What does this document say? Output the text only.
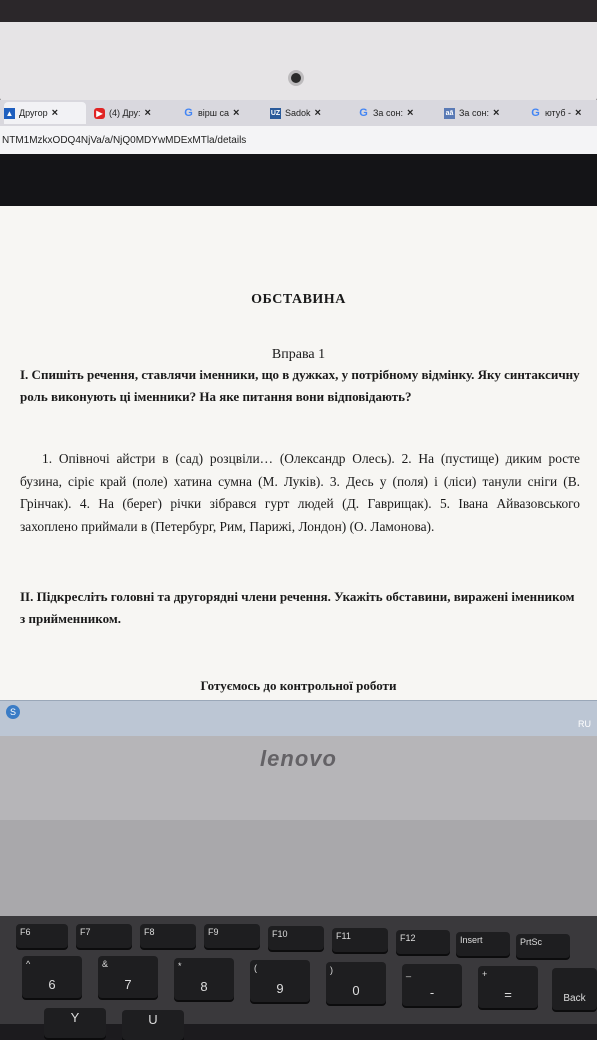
▲ Другор ×	▶ (4) Дру: ×	G вірш са ×	UZ Sadok ×	G За сон: ×	aā За сон: ×	G ютуб - ×
NTM1MzkxODQ4NjVa/a/NjQ0MDYwMDExMTla/details
ОБСТАВИНА
Вправа 1
І. Спишіть речення, ставлячи іменники, що в дужках, у потрібному відмінку. Яку синтаксичну роль виконують ці іменники? На яке питання вони відповідають?
1. Опівночі айстри в (сад) розцвіли… (Олександр Олесь). 2. На (пустище) диким росте бузина, сіріє край (поле) хатина сумна (М. Луків). 3. Десь у (поля) і (ліси) танули сніги (В. Грінчак). 4. На (берег) річки зібрався гурт людей (Д. Гаврищак). 5. Івана Айвазовського захоплено приймали в (Петербург, Рим, Парижі, Лондон) (О. Ламонова).
ІІ. Підкресліть головні та другорядні члени речення. Укажіть обставини, виражені іменником з прийменником.
Готуємось до контрольної роботи
S
RU
lenovo
F6	F7	F8	F9	F10	F11	F12	Insert	PrtSc
^
6
&
7
*
8
(
9
)
0
_
-
+
=	Back
Y	U
